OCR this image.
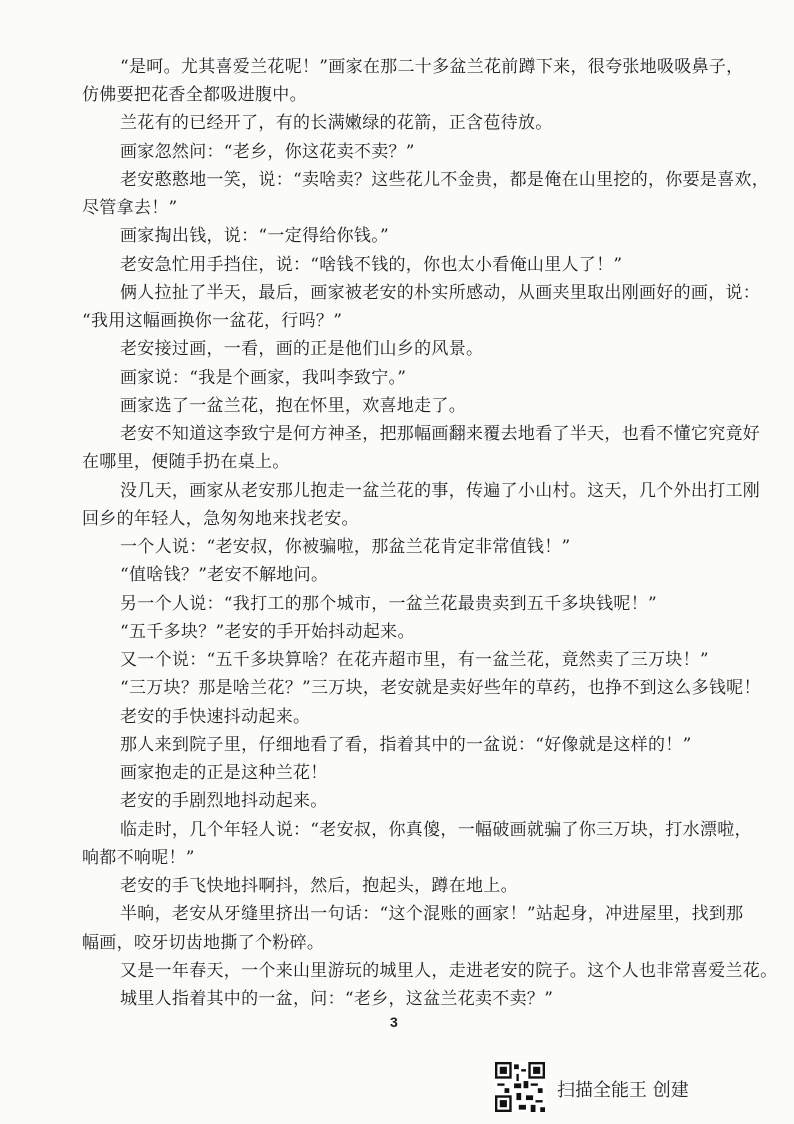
“是呵。尤其喜爱兰花呢！”画家在那二十多盆兰花前蹲下来，很夸张地吸吸鼻子，
仿佛要把花香全都吸进腹中。
兰花有的已经开了，有的长满嫩绿的花箭，正含苞待放。
画家忽然问：“老乡，你这花卖不卖？”
老安憨憨地一笑，说：“卖啥卖？这些花儿不金贵，都是俺在山里挖的，你要是喜欢，
尽管拿去！”
画家掏出钱，说：“一定得给你钱。”
老安急忙用手挡住，说：“啥钱不钱的，你也太小看俺山里人了！”
俩人拉扯了半天，最后，画家被老安的朴实所感动，从画夹里取出刚画好的画，说：
“我用这幅画换你一盆花，行吗？”
老安接过画，一看，画的正是他们山乡的风景。
画家说：“我是个画家，我叫李致宁。”
画家选了一盆兰花，抱在怀里，欢喜地走了。
老安不知道这李致宁是何方神圣，把那幅画翻来覆去地看了半天，也看不懂它究竟好
在哪里，便随手扔在桌上。
没几天，画家从老安那儿抱走一盆兰花的事，传遍了小山村。这天，几个外出打工刚
回乡的年轻人，急匆匆地来找老安。
一个人说：“老安叔，你被骗啦，那盆兰花肯定非常值钱！”
“值啥钱？”老安不解地问。
另一个人说：“我打工的那个城市，一盆兰花最贵卖到五千多块钱呢！”
“五千多块？”老安的手开始抖动起来。
又一个说：“五千多块算啥？在花卉超市里，有一盆兰花，竟然卖了三万块！”
“三万块？那是啥兰花？”三万块，老安就是卖好些年的草药，也挣不到这么多钱呢！
老安的手快速抖动起来。
那人来到院子里，仔细地看了看，指着其中的一盆说：“好像就是这样的！”
画家抱走的正是这种兰花！
老安的手剧烈地抖动起来。
临走时，几个年轻人说：“老安叔，你真傻，一幅破画就骗了你三万块，打水漂啦，
响都不响呢！”
老安的手飞快地抖啊抖，然后，抱起头，蹲在地上。
半晌，老安从牙缝里挤出一句话：“这个混账的画家！”站起身，冲进屋里，找到那
幅画，咬牙切齿地撕了个粉碎。
3
扫描全能王 创建
又是一年春天，一个来山里游玩的城里人，走进老安的院子。这个人也非常喜爱兰花。
城里人指着其中的一盆，问：“老乡，这盆兰花卖不卖？”
